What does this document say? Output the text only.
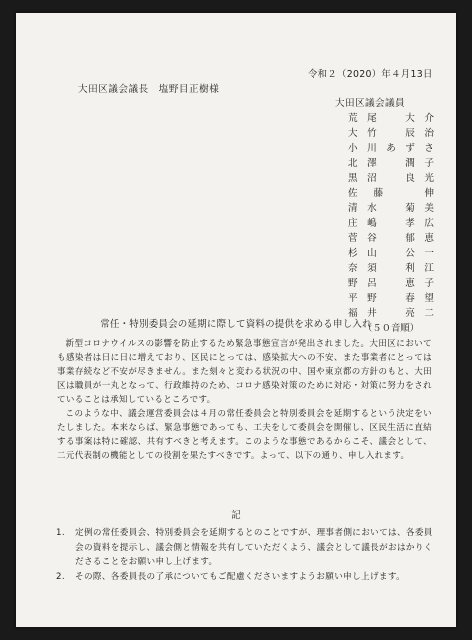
令和２（2020）年４月13日
大田区議会議長　塩野目正樹様
大田区議会議員
荒尾　大介
大竹　辰治
小川あずさ
北澤　潤子
黒沼　良光
佐藤　伸
清水　菊美
庄嶋　孝広
菅谷　郁恵
杉山　公一
奈須　利江
野呂　恵子
平野　春望
福井　亮二
（５０音順）
常任・特別委員会の延期に際して資料の提供を求める申し入れ

新型コロナウイルスの影響を防止するため緊急事態宣言が発出されました。大田区においても感染者は日に日に増えており、区民にとっては、感染拡大への不安、また事業者にとっては事業存続など不安が尽きません。また刻々と変わる状況の中、国や東京都の方針のもと、大田区は職員が一丸となって、行政維持のため、コロナ感染対策のために対応・対策に努力をされていることは承知しているところです。

このような中、議会運営委員会は４月の常任委員会と特別委員会を延期するという決定をいたしました。本来ならば、緊急事態であっても、工夫をして委員会を開催し、区民生活に直結する事案は特に確認、共有すべきと考えます。このような事態であるからこそ、議会として、二元代表制の機能としての役割を果たすべきです。よって、以下の通り、申し入れます。

記
1.	定例の常任委員会、特別委員会を延期するとのことですが、理事者側においては、各委員会の資料を提示し、議会側と情報を共有していただくよう、議会として議長がおはかりくださることをお願い申し上げます。
2.	その際、各委員長の了承についてもご配慮くださいますようお願い申し上げます。
